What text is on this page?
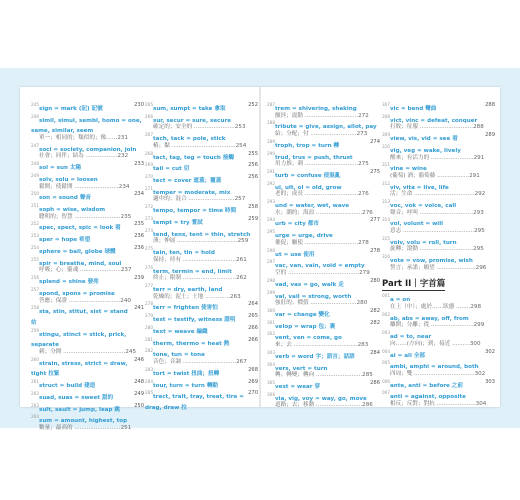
230
245sign = mark (記) 記號
246simil, simul, sembl, homo = one, same, similar, seem
單一；相同的；類似的；像……231
247soci = society, companion, join
社會；同伴；結為 ..................232
233
248sol = sun 太陽
249solv, solu = loosen
鬆開；使鬆開 .........................234
234
250son = sound 聲音
251soph = wise, wisdom
聰明的；智慧 ..........................235
235
252spec, spect, spic = look 看
236
253sper = hope 希望
236
254sphere = ball, globe 球體
255spir = breathe, mind, soul
呼吸；心；靈魂 .......................237
239
256splend = shine 發亮
257spond, spons = promise
答應；保證 .............................240
241
258sta, stin, stitut, sist = stand 站
259stingu, stinct = stick, prick, separate
刺；分開 ...................................245
246
260strain, stress, strict = draw, tight 拉緊
248
261struct = build 建造
249
262suad, suas = sweet 甜的
250
263sult, sault = jump, leap 跳
264sum = amount, highest, top
數量；最高的 ..........................251
252
265sum, sumpt = take 拿取
266sur, secur = sure, secure
確定的；安全的 .......................253
267tach, tack = pole, stick
樁；黏 ....................................254
255
268tact, tag, teg = touch 接觸
256
269tail = cut 切
256
270tect = cover 遮蓋；覆蓋
271temper = moderate, mix
適中的；混合 ..........................257
258
272tempo, tempor = time 時間
259
273tempt = try 嘗試
274tend, tens, tent = thin, stretch
薄；伸展 ..................................259
275tain, ten, tin = hold
保持；持有 ..............................261
276term, termin = end, limit
終止；限制 ..............................262
277terr = dry, earth, land
乾燥的；泥土；土地 ..............263
264
278terr = frighten 使害怕
265
279test = testify, witness 證明
266
280text = weave 編織
266
281therm, thermo = heat 熱
282tone, tun = tone
音色；音調 ..............................267
268
283tort = twist 扭曲；扭轉
269
284tour, turn = turn 轉動
270
285tract, trait, tray, treat, tire = drag, draw 拉
287trem = shivering, shaking
顫抖；震動 ..............................272
288tribute = give, assign, allot, pay
給；分配；付 ..........................273
274
289troph, trop = turn 轉
290trud, trus = push, thrust
用力推；刺 ..............................275
275
291turb = confuse 使混亂
292ul, ult, ol = old, grow
老的；成長 ..............................276
293und = water, wet, wave
水；潮的；海浪 ..........................276
277
294urb = city 都市
295urge = urge, drive
催促；驅使 ..............................278
278
296ut = use 使用
297vac, van, vain, void = empty
空的 ........................................279
280
298vad, vas = go, walk 走
299val, vail = strong, worth
強壯的；價值 ..........................280
282
300var = change 變化
282
301velop = wrap 包；裹
302vent, ven = come, go
來；去 ....................................283
284
303verb = word 字；語言；話語
304vers, vert = turn
轉；轉變；轉向 ..........................285
286
305vest = wear 穿
306via, vig, voy = way, go, move
道路；去；移動 ..........................286
288
307vic = bend 彎曲
308vict, vinc = defeat, conquer
打敗；征服 ..............................288
289
309view, vis, vid = see 看
310vig, veg = wake, lively
醒來；有活力的 ........................291
311vine = wine
(葡萄) 酒；葡萄藤 ..................291
312viv, vita = live, life
活；生命 ..................................292
313voc, vok = voice, call
聲音；呼叫 ..............................293
314vol, volunt = will
意志 ........................................295
315volv, volu = roll, turn
旋轉；滾動 ..............................295
316vote = vow, promise, wish
誓言；承諾；願望 ......................296
Part II｜字首篇
001a = on
在上（中）；處於……狀態 ........298
002ab, abs = away, off, from
離開；分離；從 ........................299
003ad = to, near
向……(方向)；到；接近 ..........300
302
004al = all 全部
005ambi, amphi = around, both
四周；雙 ..................................302
303
006ante, anti = before 之前
007anti = against, opposite
相反；反對；對抗 ......................304
